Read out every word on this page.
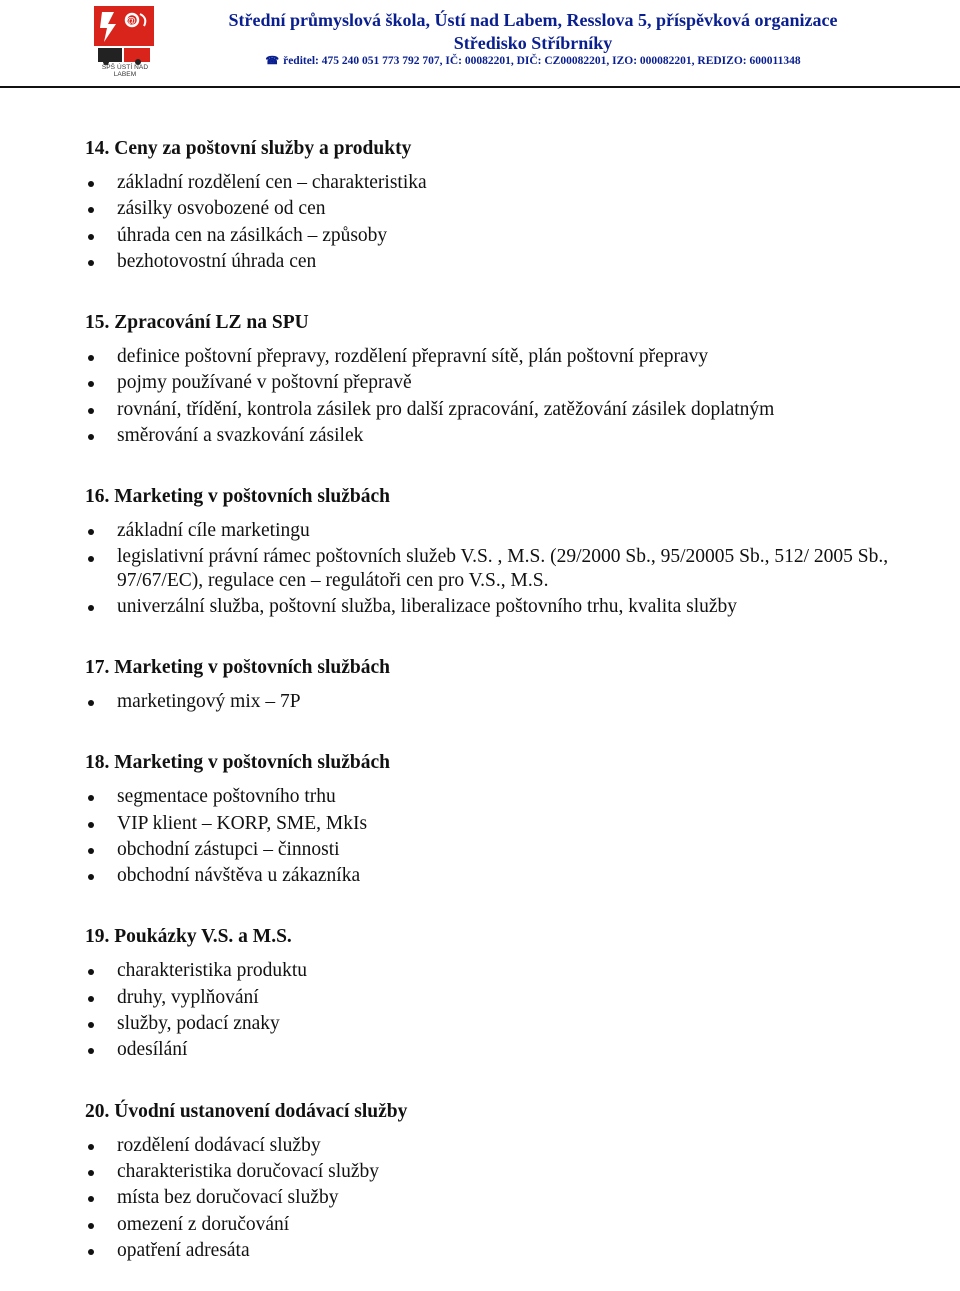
@
SPŠ ÚSTÍ NAD LABEM
Střední průmyslová škola, Ústí nad Labem, Resslova 5, příspěvková organizace
Středisko Stříbrníky
☎ ředitel: 475 240 051 773 792 707, IČ: 00082201, DIČ: CZ00082201, IZO: 000082201, REDIZO: 600011348
14. Ceny za poštovní služby a produkty
základní rozdělení cen – charakteristika
zásilky osvobozené od cen
úhrada cen na zásilkách – způsoby
bezhotovostní úhrada cen
15. Zpracování LZ na SPU
definice poštovní přepravy, rozdělení přepravní sítě, plán poštovní přepravy
pojmy používané v poštovní přepravě
rovnání, třídění, kontrola zásilek pro další zpracování, zatěžování zásilek doplatným
směrování a svazkování zásilek
16. Marketing v poštovních službách
základní cíle marketingu
legislativní právní rámec poštovních služeb V.S. , M.S. (29/2000 Sb., 95/20005 Sb., 512/ 2005 Sb., 97/67/EC), regulace cen – regulátoři cen pro V.S., M.S.
univerzální služba, poštovní služba, liberalizace poštovního trhu, kvalita služby
17. Marketing v poštovních službách
marketingový mix – 7P
18. Marketing v poštovních službách
segmentace poštovního trhu
VIP klient – KORP, SME, MkIs
obchodní zástupci – činnosti
obchodní návštěva u zákazníka
19. Poukázky V.S. a M.S.
charakteristika produktu
druhy, vyplňování
služby, podací znaky
odesílání
20. Úvodní ustanovení dodávací služby
rozdělení dodávací služby
charakteristika doručovací služby
místa bez doručovací služby
omezení z doručování
opatření adresáta
